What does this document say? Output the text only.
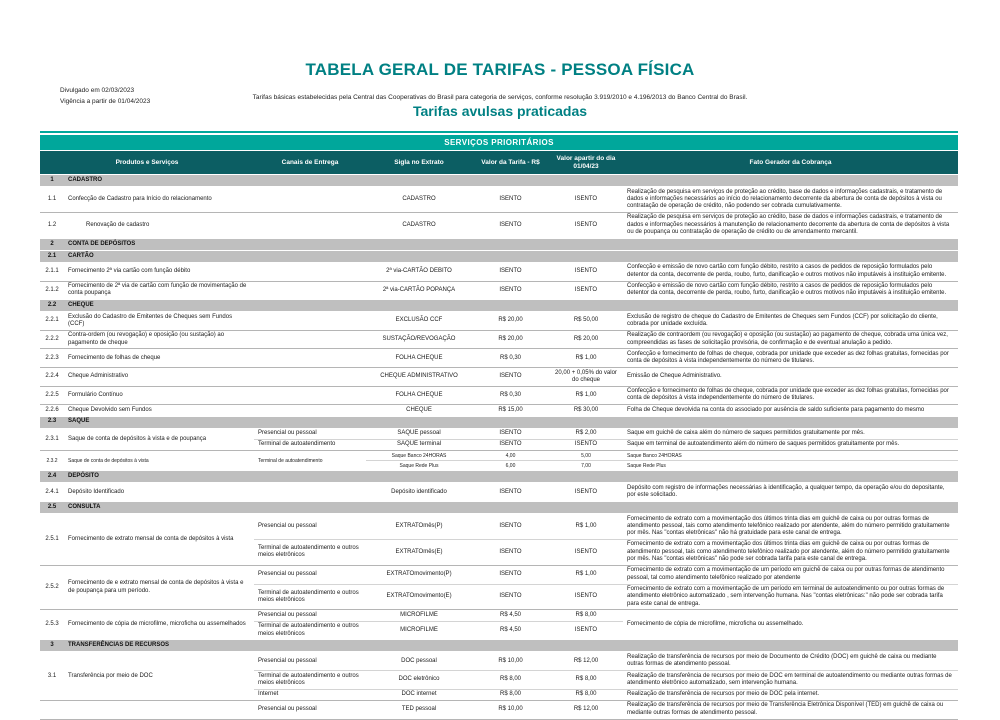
TABELA GERAL DE TARIFAS - PESSOA FÍSICA
Divulgado em 02/03/2023
Vigência a partir de 01/04/2023

Tarifas básicas estabelecidas pela Central das Cooperativas do Brasil para categoria de serviços, conforme resolução 3.919/2010 e 4.196/2013 do Banco Central do Brasil.

Tarifas avulsas praticadas
SERVIÇOS PRIORITÁRIOS						
Produtos e Serviços		Canais de Entrega	Sigla no Extrato	Valor da Tarifa - R$	Valor apartir do dia 01/04/23	Fato Gerador da Cobrança
1	CADASTRO					
1.1	Confecção de Cadastro para Início do relacionamento		CADASTRO	ISENTO	ISENTO	Realização de pesquisa em serviços de proteção ao crédito, base de dados e informações cadastrais, e tratamento de dados e informações necessários ao início do relacionamento decorrente da abertura de conta de depósitos à vista ou contratação de operação de crédito, não podendo ser cobrada cumulativamente.
1.2	Renovação de cadastro		CADASTRO	ISENTO	ISENTO	Realização de pesquisa em serviços de proteção ao crédito, base de dados e informações cadastrais, e tratamento de dados e informações necessários à manutenção de relacionamento decorrente da abertura de conta de depósitos à vista ou de poupança ou contratação de operação de crédito ou de arrendamento mercantil.
2	CONTA DE DEPÓSITOS					
2.1	CARTÃO					
2.1.1	Fornecimento 2ª via cartão com função débito		2ª via-CARTÃO DEBITO	ISENTO	ISENTO	Confecção e emissão de novo cartão com função débito, restrito a casos de pedidos de reposição formulados pelo detentor da conta, decorrente de perda, roubo, furto, danificação e outros motivos não imputáveis à instituição emitente.
2.1.2	Fornecimento de 2ª via de cartão com função de movimentação de conta poupança		2ª via-CARTÃO POPANÇA	ISENTO	ISENTO	Confecção e emissão de novo cartão com função débito, restrito a casos de pedidos de reposição formulados pelo detentor da conta, decorrente de perda, roubo, furto, danificação e outros motivos não imputáveis à instituição emitente.
2.2	CHEQUE					
2.2.1	Exclusão do Cadastro de Emitentes de Cheques sem Fundos (CCF)		EXCLUSÃO CCF	R$ 20,00	R$ 50,00	Exclusão de registro de cheque do Cadastro de Emitentes de Cheques sem Fundos (CCF) por solicitação do cliente, cobrada por unidade excluída.
2.2.2	Contra-ordem (ou revogação) e oposição (ou sustação) ao pagamento de cheque		SUSTAÇÃO/REVOGAÇÃO	R$ 20,00	R$ 20,00	Realização de contraordem (ou revogação) e oposição (ou sustação) ao pagamento de cheque, cobrada uma única vez, compreendidas as fases de solicitação provisória, de confirmação e de eventual anulação a pedido.
2.2.3	Fornecimento de folhas de cheque		FOLHA CHEQUE	R$ 0,30	R$ 1,00	Confecção e fornecimento de folhas de cheque, cobrada por unidade que exceder as dez folhas gratuitas, fornecidas por conta de depósitos à vista independentemente do número de titulares.
2.2.4	Cheque Administrativo		CHEQUE ADMINISTRATIVO	ISENTO	20,00 + 0,05% do valor do cheque	Emissão de Cheque Administrativo.
2.2.5	Formulário Contínuo		FOLHA CHEQUE	R$ 0,30	R$ 1,00	Confecção e fornecimento de folhas de cheque, cobrada por unidade que exceder as dez folhas gratuitas, fornecidas por conta de depósitos à vista independentemente do número de titulares.
2.2.6	Cheque Devolvido sem Fundos		CHEQUE	R$ 15,00	R$ 30,00	Folha de Cheque devolvida na conta do associado por ausência de saldo suficiente para pagamento do mesmo
2.3	SAQUE					
2.3.1	Saque de conta de depósitos à vista e de poupança	Presencial ou pessoal	SAQUE pessoal	ISENTO	R$ 2,00	Saque em guichê de caixa além do número de saques permitidos gratuitamente por mês.
		Terminal de autoatendimento	SAQUE terminal	ISENTO	ISENTO	Saque em terminal de autoatendimento além do número de saques permitidos gratuitamente por mês.
2.3.2	Saque de conta de depósitos à vista	Terminal de autoatendimento	Saque Banco 24HORAS	4,00	5,00	Saque Banco 24HORAS
			Saque Rede Plus	6,00	7,00	Saque Rede Plus
2.4	DEPÓSITO					
2.4.1	Depósito Identificado		Depósito identificado	ISENTO	ISENTO	Depósito com registro de informações necessárias à identificação, a qualquer tempo, da operação e/ou do depositante, por este solicitado.
2.5	CONSULTA					
2.5.1	Fornecimento de extrato mensal de conta de depósitos à vista	Presencial ou pessoal	EXTRATOmês(P)	ISENTO	R$ 1,00	Fornecimento de extrato com a movimentação dos últimos trinta dias em guichê de caixa ou por outras formas de atendimento pessoal, tais como atendimento telefônico realizado por atendente, além do número permitido gratuitamente por mês. Nas "contas eletrônicas" não há gratuidade para este canal de entrega.
		Terminal de autoatendimento e outros meios eletrônicos	EXTRATOmês(E)	ISENTO	ISENTO	Fornecimento de extrato com a movimentação dos últimos trinta dias em guichê de caixa ou por outras formas de atendimento pessoal, tais como atendimento telefônico realizado por atendente, além do número permitido gratuitamente por mês. Nas "contas eletrônicas" não pode ser cobrada tarifa para este canal de entrega.
2.5.2	Fornecimento de e extrato mensal de conta de depósitos à vista e de poupança para um período.	Presencial ou pessoal	EXTRATOmovimento(P)	ISENTO	R$ 1,00	Fornecimento de extrato com a movimentação de um período em guichê de caixa ou por outras formas de atendimento pessoal, tal como atendimento telefônico realizado por atendente
		Terminal de autoatendimento e outros meios eletrônicos	EXTRATOmovimento(E)	ISENTO	ISENTO	Fornecimento de extrato com a movimentação de um período em terminal de autoatendimento ou por outras formas de atendimento eletrônico automatizado , sem intervenção humana. Nas "contas eletrônicas:" não pode ser cobrada tarifa para este canal de entrega.
2.5.3	Fornecimento de cópia de microfilme, microficha ou assemelhados	Presencial ou pessoal	MICROFILME	R$ 4,50	R$ 8,00	Fornecimento de cópia de microfilme, microficha ou assemelhado.
		Terminal de autoatendimento e outros meios eletrônicos	MICROFILME	R$ 4,50	ISENTO	
3	TRANSFERÊNCIAS DE RECURSOS					
3.1	Transferência por meio de DOC	Presencial ou pessoal	DOC pessoal	R$ 10,00	R$ 12,00	Realização de transferência de recursos por meio de Documento de Crédito (DOC) em guichê de caixa ou mediante outras formas de atendimento pessoal.
		Terminal de autoatendimento e outros meios eletrônicos	DOC eletrônico	R$ 8,00	R$ 8,00	Realização de transferência de recursos por meio de DOC em terminal de autoatendimento ou mediante outras formas de atendimento eletrônico automatizado, sem intervenção humana.
		Internet	DOC internet	R$ 8,00	R$ 8,00	Realização de transferência de recursos por meio de DOC pela internet.
		Presencial ou pessoal	TED pessoal	R$ 10,00	R$ 12,00	Realização de transferência de recursos por meio de Transferência Eletrônica Disponível (TED) em guichê de caixa ou mediante outras formas de atendimento pessoal.
